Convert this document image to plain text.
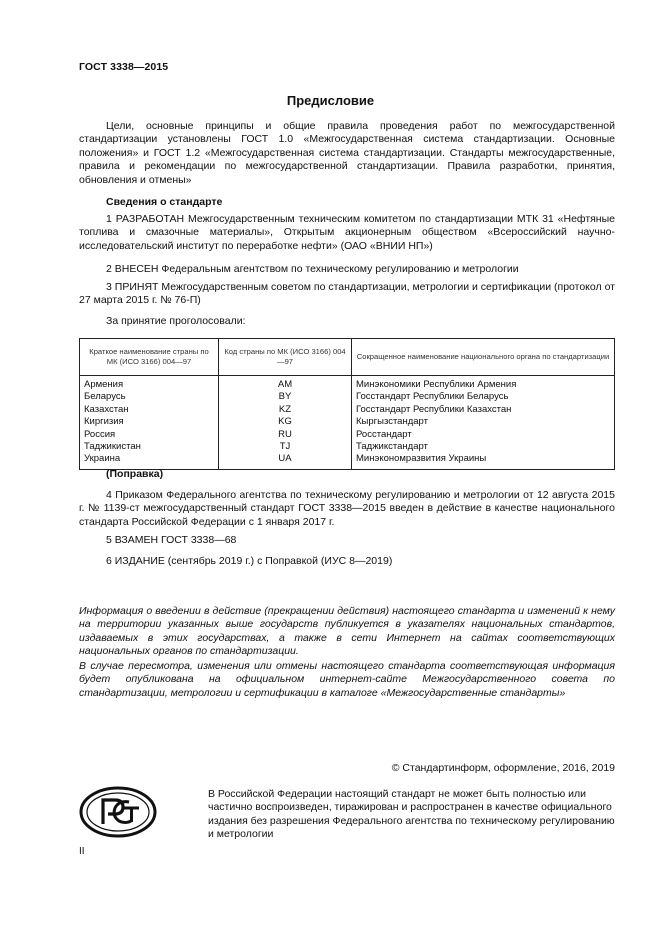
ГОСТ 3338—2015
Предисловие
Цели, основные принципы и общие правила проведения работ по межгосударственной стандартизации установлены ГОСТ 1.0 «Межгосударственная система стандартизации. Основные положения» и ГОСТ 1.2 «Межгосударственная система стандартизации. Стандарты межгосударственные, правила и рекомендации по межгосударственной стандартизации. Правила разработки, принятия, обновления и отмены»
Сведения о стандарте
1 РАЗРАБОТАН Межгосударственным техническим комитетом по стандартизации МТК 31 «Нефтяные топлива и смазочные материалы», Открытым акционерным обществом «Всероссийский научно-исследовательский институт по переработке нефти» (ОАО «ВНИИ НП»)
2 ВНЕСЕН Федеральным агентством по техническому регулированию и метрологии
3 ПРИНЯТ Межгосударственным советом по стандартизации, метрологии и сертификации (протокол от 27 марта 2015 г. № 76-П)
За принятие проголосовали:
Краткое наименование страны по МК (ИСО 3166) 004—97	Код страны по МК (ИСО 3166) 004—97	Сокращенное наименование национального органа по стандартизации
Армения	AM	Минэкономики Республики Армения
Беларусь	BY	Госстандарт Республики Беларусь
Казахстан	KZ	Госстандарт Республики Казахстан
Киргизия	KG	Кыргызстандарт
Россия	RU	Росстандарт
Таджикистан	TJ	Таджикстандарт
Украина	UA	Минэкономразвития Украины
(Поправка)
4 Приказом Федерального агентства по техническому регулированию и метрологии от 12 августа 2015 г. № 1139-ст межгосударственный стандарт ГОСТ 3338—2015 введен в действие в качестве национального стандарта Российской Федерации с 1 января 2017 г.
5 ВЗАМЕН ГОСТ 3338—68
6 ИЗДАНИЕ (сентябрь 2019 г.) с Поправкой (ИУС 8—2019)
Информация о введении в действие (прекращении действия) настоящего стандарта и изменений к нему на территории указанных выше государств публикуется в указателях национальных стандартов, издаваемых в этих государствах, а также в сети Интернет на сайтах соответствующих национальных органов по стандартизации.
В случае пересмотра, изменения или отмены настоящего стандарта соответствующая информация будет опубликована на официальном интернет-сайте Межгосударственного совета по стандартизации, метрологии и сертификации в каталоге «Межгосударственные стандарты»
© Стандартинформ, оформление, 2016, 2019
В Российской Федерации настоящий стандарт не может быть полностью или частично воспроизведен, тиражирован и распространен в качестве официального издания без разрешения Федерального агентства по техническому регулированию и метрологии
II
